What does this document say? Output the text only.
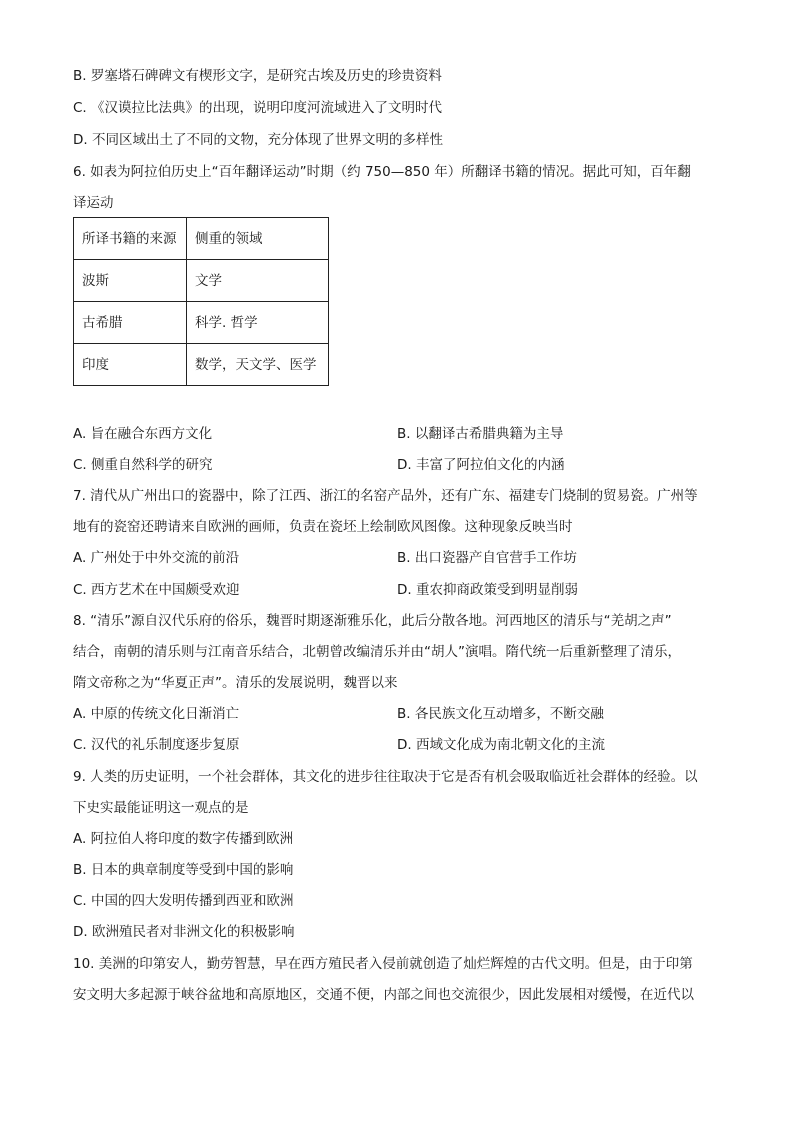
B. 罗塞塔石碑碑文有楔形文字，是研究古埃及历史的珍贵资料
C. 《汉谟拉比法典》的出现，说明印度河流域进入了文明时代
D. 不同区域出土了不同的文物，充分体现了世界文明的多样性
6. 如表为阿拉伯历史上“百年翻译运动”时期（约 750—850 年）所翻译书籍的情况。据此可知，百年翻
译运动
所译书籍的来源	侧重的领域
波斯	文学
古希腊	科学. 哲学
印度	数学，天文学、医学
A. 旨在融合东西方文化	B. 以翻译古希腊典籍为主导
C. 侧重自然科学的研究	D. 丰富了阿拉伯文化的内涵
7. 清代从广州出口的瓷器中，除了江西、浙江的名窑产品外，还有广东、福建专门烧制的贸易瓷。广州等
地有的瓷窑还聘请来自欧洲的画师，负责在瓷坯上绘制欧风图像。这种现象反映当时
A. 广州处于中外交流的前沿	B. 出口瓷器产自官营手工作坊
C. 西方艺术在中国颇受欢迎	D. 重农抑商政策受到明显削弱
8. “清乐”源自汉代乐府的俗乐，魏晋时期逐渐雅乐化，此后分散各地。河西地区的清乐与“羌胡之声”
结合，南朝的清乐则与江南音乐结合，北朝曾改编清乐并由“胡人”演唱。隋代统一后重新整理了清乐，
隋文帝称之为“华夏正声”。清乐的发展说明，魏晋以来
A. 中原的传统文化日渐消亡	B. 各民族文化互动增多，不断交融
C. 汉代的礼乐制度逐步复原	D. 西域文化成为南北朝文化的主流
9. 人类的历史证明，一个社会群体，其文化的进步往往取决于它是否有机会吸取临近社会群体的经验。以
下史实最能证明这一观点的是
A. 阿拉伯人将印度的数字传播到欧洲
B. 日本的典章制度等受到中国的影响
C. 中国的四大发明传播到西亚和欧洲
D. 欧洲殖民者对非洲文化的积极影响
10. 美洲的印第安人，勤劳智慧，早在西方殖民者入侵前就创造了灿烂辉煌的古代文明。但是，由于印第
安文明大多起源于峡谷盆地和高原地区，交通不便，内部之间也交流很少，因此发展相对缓慢，在近代以
